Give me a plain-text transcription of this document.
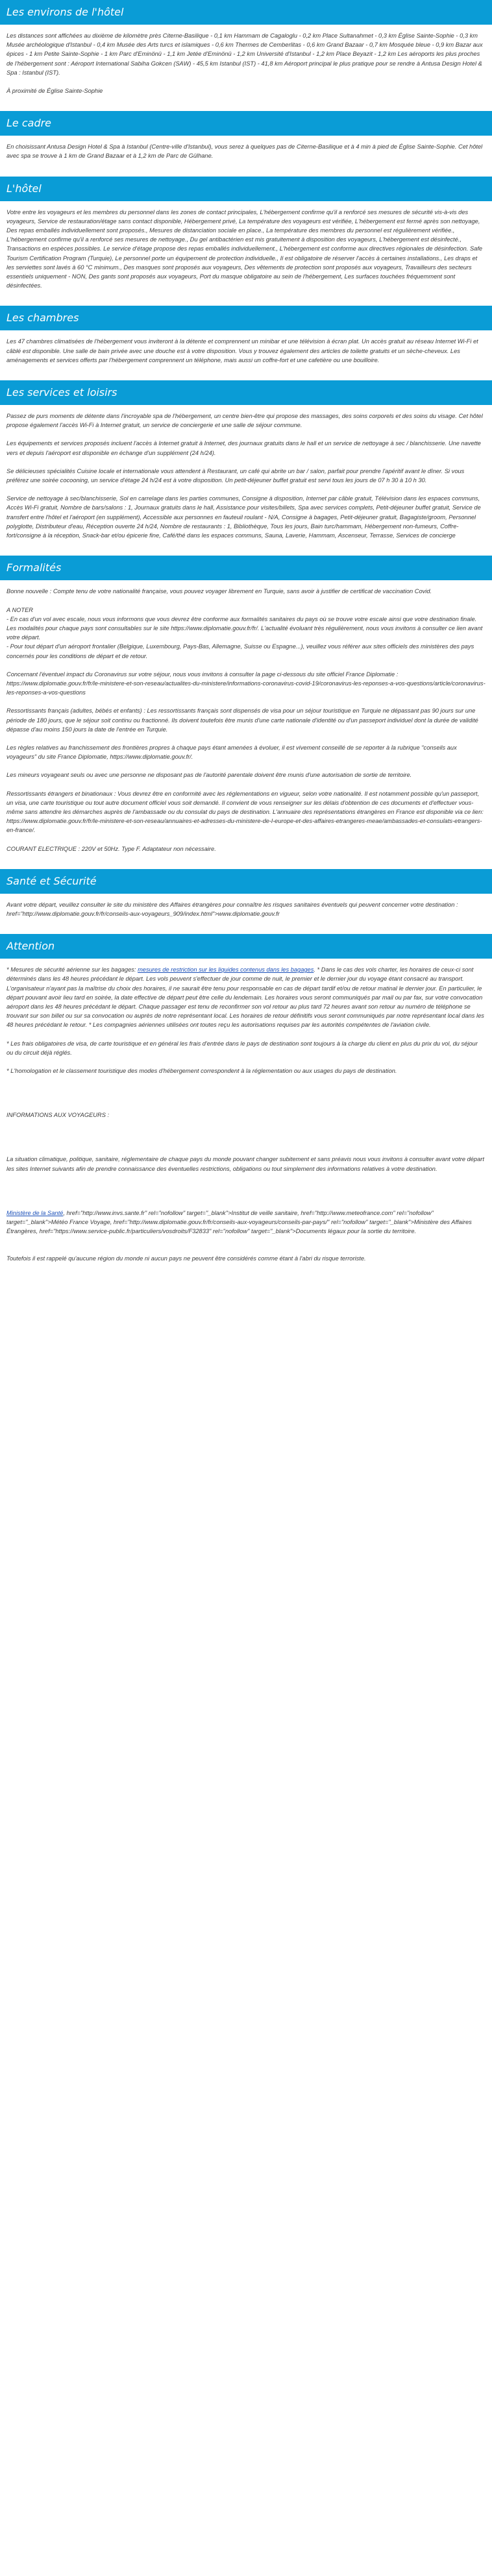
Les environs de l'hôtel

Les distances sont affichées au dixième de kilomètre près Citerne-Basilique - 0,1 km Hammam de Cagaloglu - 0,2 km Place Sultanahmet - 0,3 km Église Sainte-Sophie - 0,3 km Musée archéologique d'Istanbul - 0,4 km Musée des Arts turcs et islamiques - 0,6 km Thermes de Cemberlitas - 0,6 km Grand Bazaar - 0,7 km Mosquée bleue - 0,9 km Bazar aux épices - 1 km Petite Sainte-Sophie - 1 km Parc d'Eminönü - 1,1 km Jetée d'Eminönü - 1,2 km Université d'Istanbul - 1,2 km Place Beyazit - 1,2 km Les aéroports les plus proches de l'hébergement sont : Aéroport International Sabiha Gokcen (SAW) - 45,5 km Istanbul (IST) - 41,8 km Aéroport principal le plus pratique pour se rendre à Antusa Design Hotel & Spa : Istanbul (IST).

À proximité de Église Sainte-Sophie

Le cadre

En choisissant Antusa Design Hotel & Spa à Istanbul (Centre-ville d'Istanbul), vous serez à quelques pas de Citerne-Basilique et à 4 min à pied de Église Sainte-Sophie. Cet hôtel avec spa se trouve à 1 km de Grand Bazaar et à 1,2 km de Parc de Gülhane.

L'hôtel

Votre entre les voyageurs et les membres du personnel dans les zones de contact principales, L'hébergement confirme qu'il a renforcé ses mesures de sécurité vis-à-vis des voyageurs, Service de restauration/étage sans contact disponible, Hébergement privé, La température des voyageurs est vérifiée, L'hébergement est fermé après son nettoyage, Des repas emballés individuellement sont proposés., Mesures de distanciation sociale en place., La température des membres du personnel est régulièrement vérifiée., L'hébergement confirme qu'il a renforcé ses mesures de nettoyage., Du gel antibactérien est mis gratuitement à disposition des voyageurs, L'hébergement est désinfecté., Transactions en espèces possibles. Le service d'étage propose des repas emballés individuellement., L'hébergement est conforme aux directives régionales de désinfection. Safe Tourism Certification Program (Turquie), Le personnel porte un équipement de protection individuelle., Il est obligatoire de réserver l'accès à certaines installations., Les draps et les serviettes sont lavés à 60 °C minimum., Des masques sont proposés aux voyageurs, Des vêtements de protection sont proposés aux voyageurs, Travailleurs des secteurs essentiels uniquement - NON, Des gants sont proposés aux voyageurs, Port du masque obligatoire au sein de l'hébergement, Les surfaces touchées fréquemment sont désinfectées.

Les chambres

Les 47 chambres climatisées de l'hébergement vous inviteront à la détente et comprennent un minibar et une télévision à écran plat. Un accès gratuit au réseau Internet Wi-Fi et câblé est disponible. Une salle de bain privée avec une douche est à votre disposition. Vous y trouvez également des articles de toilette gratuits et un sèche-cheveux. Les aménagements et services offerts par l'hébergement comprennent un téléphone, mais aussi un coffre-fort et une cafetière ou une bouilloire.

Les services et loisirs

Passez de purs moments de détente dans l'incroyable spa de l'hébergement, un centre bien-être qui propose des massages, des soins corporels et des soins du visage. Cet hôtel propose également l'accès Wi-Fi à Internet gratuit, un service de conciergerie et une salle de séjour commune.

Les équipements et services proposés incluent l'accès à Internet gratuit à Internet, des journaux gratuits dans le hall et un service de nettoyage à sec / blanchisserie. Une navette vers et depuis l'aéroport est disponible en échange d'un supplément (24 h/24).

Se délicieuses spécialités Cuisine locale et internationale vous attendent à Restaurant, un café qui abrite un bar / salon, parfait pour prendre l'apéritif avant le dîner. Si vous préférez une soirée cocooning, un service d'étage 24 h/24 est à votre disposition. Un petit-déjeuner buffet gratuit est servi tous les jours de 07 h 30 à 10 h 30.

Service de nettoyage à sec/blanchisserie, Sol en carrelage dans les parties communes, Consigne à disposition, Internet par câble gratuit, Télévision dans les espaces communs, Accès Wi-Fi gratuit, Nombre de bars/salons : 1, Journaux gratuits dans le hall, Assistance pour visites/billets, Spa avec services complets, Petit-déjeuner buffet gratuit, Service de transfert entre l'hôtel et l'aéroport (en supplément), Accessible aux personnes en fauteuil roulant - N/A, Consigne à bagages, Petit-déjeuner gratuit, Bagagiste/groom, Personnel polyglotte, Distributeur d'eau, Réception ouverte 24 h/24, Nombre de restaurants : 1, Bibliothèque, Tous les jours, Bain turc/hammam, Hébergement non-fumeurs, Coffre-fort/consigne à la réception, Snack-bar et/ou épicerie fine, Café/thé dans les espaces communs, Sauna, Laverie, Hammam, Ascenseur, Terrasse, Services de concierge

Formalités

Bonne nouvelle : Compte tenu de votre nationalité française, vous pouvez voyager librement en Turquie, sans avoir à justifier de certificat de vaccination Covid.

A NOTER
- En cas d'un vol avec escale, nous vous informons que vous devrez être conforme aux formalités sanitaires du pays où se trouve votre escale ainsi que votre destination finale.
Les modalités pour chaque pays sont consultables sur le site https://www.diplomatie.gouv.fr/fr/. L'actualité évoluant très régulièrement, nous vous invitons à consulter ce lien avant votre départ.
- Pour tout départ d'un aéroport frontalier (Belgique, Luxembourg, Pays-Bas, Allemagne, Suisse ou Espagne...), veuillez vous référer aux sites officiels des ministères des pays concernés pour les conditions de départ et de retour.

Concernant l'éventuel impact du Coronavirus sur votre séjour, nous vous invitons à consulter la page ci-dessous du site officiel France Diplomatie : https://www.diplomatie.gouv.fr/fr/le-ministere-et-son-reseau/actualites-du-ministere/informations-coronavirus-covid-19/coronavirus-les-reponses-a-vos-questions/article/coronavirus-les-reponses-a-vos-questions

Ressortissants français (adultes, bébés et enfants) : Les ressortissants français sont dispensés de visa pour un séjour touristique en Turquie ne dépassant pas 90 jours sur une période de 180 jours, que le séjour soit continu ou fractionné. Ils doivent toutefois être munis d'une carte nationale d'identité ou d'un passeport individuel dont la durée de validité dépasse d'au moins 150 jours la date de l'entrée en Turquie.

Les règles relatives au franchissement des frontières propres à chaque pays étant amenées à évoluer, il est vivement conseillé de se reporter à la rubrique "conseils aux voyageurs" du site France Diplomatie, https://www.diplomatie.gouv.fr/.

Les mineurs voyageant seuls ou avec une personne ne disposant pas de l'autorité parentale doivent être munis d'une autorisation de sortie de territoire.

Ressortissants étrangers et binationaux : Vous devrez être en conformité avec les réglementations en vigueur, selon votre nationalité. Il est notamment possible qu'un passeport, un visa, une carte touristique ou tout autre document officiel vous soit demandé. Il convient de vous renseigner sur les délais d'obtention de ces documents et d'effectuer vous-même sans attendre les démarches auprès de l'ambassade ou du consulat du pays de destination. L'annuaire des représentations étrangères en France est disponible via ce lien: https://www.diplomatie.gouv.fr/fr/le-ministere-et-son-reseau/annuaires-et-adresses-du-ministere-de-l-europe-et-des-affaires-etrangeres-meae/ambassades-et-consulats-etrangers-en-france/.

COURANT ELECTRIQUE : 220V et 50Hz. Type F. Adaptateur non nécessaire.

Santé et Sécurité

Avant votre départ, veuillez consulter le site du ministère des Affaires étrangères pour connaître les risques sanitaires éventuels qui peuvent concerner votre destination : href="http://www.diplomatie.gouv.fr/fr/conseils-aux-voyageurs_909/index.html">www.diplomatie.gouv.fr

Attention

* Mesures de sécurité aérienne sur les bagages: mesures de restriction sur les liquides contenus dans les bagages. * Dans le cas des vols charter, les horaires de ceux-ci sont déterminés dans les 48 heures précédant le départ. Les vols peuvent s'effectuer de jour comme de nuit, le premier et le dernier jour du voyage étant consacré au transport. L'organisateur n'ayant pas la maîtrise du choix des horaires, il ne saurait être tenu pour responsable en cas de départ tardif et/ou de retour matinal le dernier jour. En particulier, le départ pouvant avoir lieu tard en soirée, la date effective de départ peut être celle du lendemain. Les horaires vous seront communiqués par mail ou par fax, sur votre convocation aéroport dans les 48 heures précédant le départ. Chaque passager est tenu de reconfirmer son vol retour au plus tard 72 heures avant son retour au numéro de téléphone se trouvant sur son billet ou sur sa convocation ou auprès de notre représentant local. Les horaires de retour définitifs vous seront communiqués par notre représentant local dans les 48 heures précédant le retour. * Les compagnies aériennes utilisées ont toutes reçu les autorisations requises par les autorités compétentes de l'aviation civile.

* Les frais obligatoires de visa, de carte touristique et en général les frais d'entrée dans le pays de destination sont toujours à la charge du client en plus du prix du vol, du séjour ou du circuit déjà réglés.

* L'homologation et le classement touristique des modes d'hébergement correspondent à la réglementation ou aux usages du pays de destination.

INFORMATIONS AUX VOYAGEURS :

La situation climatique, politique, sanitaire, réglementaire de chaque pays du monde pouvant changer subitement et sans préavis nous vous invitons à consulter avant votre départ les sites Internet suivants afin de prendre connaissance des éventuelles restrictions, obligations ou tout simplement des informations relatives à votre destination.

Ministère de la Santé, href="http://www.invs.sante.fr" rel="nofollow" target="_blank">Institut de veille sanitaire, href="http://www.meteofrance.com" rel="nofollow" target="_blank">Météo France Voyage, href="http://www.diplomatie.gouv.fr/fr/conseils-aux-voyageurs/conseils-par-pays/" rel="nofollow" target="_blank">Ministère des Affaires Étrangères, href="https://www.service-public.fr/particuliers/vosdroits/F32833" rel="nofollow" target="_blank">Documents légaux pour la sortie du territoire.

Toutefois il est rappelé qu'aucune région du monde ni aucun pays ne peuvent être considérés comme étant à l'abri du risque terroriste.
